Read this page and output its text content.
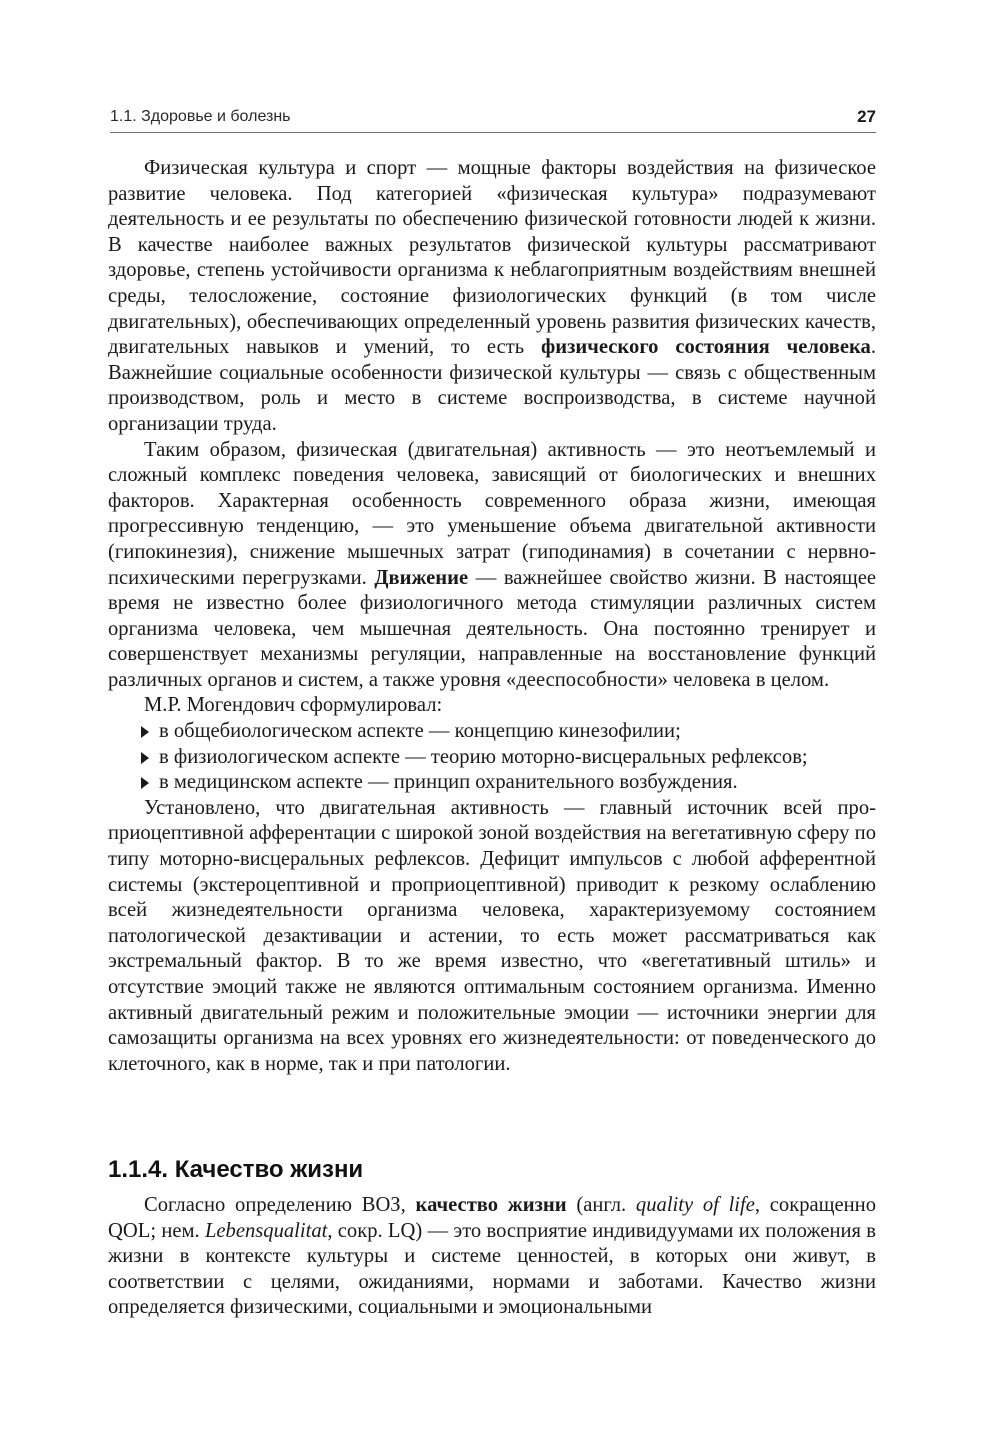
1.1. Здоровье и болезнь	27

Физическая культура и спорт — мощные факторы воздействия на физическое развитие человека. Под категорией «физическая культура» подразумевают деятельность и ее результаты по обеспечению физической готовности людей к жизни. В качестве наиболее важных результатов физической культуры рассматривают здоровье, степень устойчивости организма к неблагоприятным воздействиям внешней среды, телосложение, состояние физиологических функций (в том числе двигательных), обеспечивающих определенный уровень развития физических качеств, двигательных навыков и умений, то есть физического состояния человека. Важнейшие социальные особенности физической культуры — связь с общественным производством, роль и место в системе воспроизводства, в системе научной организации труда.

Таким образом, физическая (двигательная) активность — это неотъемлемый и сложный комплекс поведения человека, зависящий от биологических и внешних факторов. Характерная особенность современного образа жизни, имеющая прогрессивную тенденцию, — это уменьшение объема двигательной активности (гипокинезия), снижение мышечных затрат (гиподинамия) в сочетании с нервно-психическими перегрузками. Движение — важнейшее свойство жизни. В настоящее время не известно более физиологичного метода стимуляции различных систем организма человека, чем мышечная деятельность. Она постоянно тренирует и совершенствует механизмы регуляции, направленные на восстановление функций различных органов и систем, а также уровня «дееспособности» человека в целом.

М.Р. Могендович сформулировал:

в общебиологическом аспекте — концепцию кинезофилии;
в физиологическом аспекте — теорию моторно-висцеральных рефлексов;
в медицинском аспекте — принцип охранительного возбуждения.

Установлено, что двигательная активность — главный источник всей проприоцептивной афферентации с широкой зоной воздействия на вегетативную сферу по типу моторно-висцеральных рефлексов. Дефицит импульсов с любой афферентной системы (экстероцептивной и проприоцептивной) приводит к резкому ослаблению всей жизнедеятельности организма человека, характеризуемому состоянием патологической дезактивации и астении, то есть может рассматриваться как экстремальный фактор. В то же время известно, что «вегетативный штиль» и отсутствие эмоций также не являются оптимальным состоянием организма. Именно активный двигательный режим и положительные эмоции — источники энергии для самозащиты организма на всех уровнях его жизнедеятельности: от поведенческого до клеточного, как в норме, так и при патологии.

1.1.4. Качество жизни

Согласно определению ВОЗ, качество жизни (англ. quality of life, сокращенно QOL; нем. Lebensqualitat, сокр. LQ) — это восприятие индивидуумами их положения в жизни в контексте культуры и системе ценностей, в которых они живут, в соответствии с целями, ожиданиями, нормами и заботами. Качество жизни определяется физическими, социальными и эмоциональными
